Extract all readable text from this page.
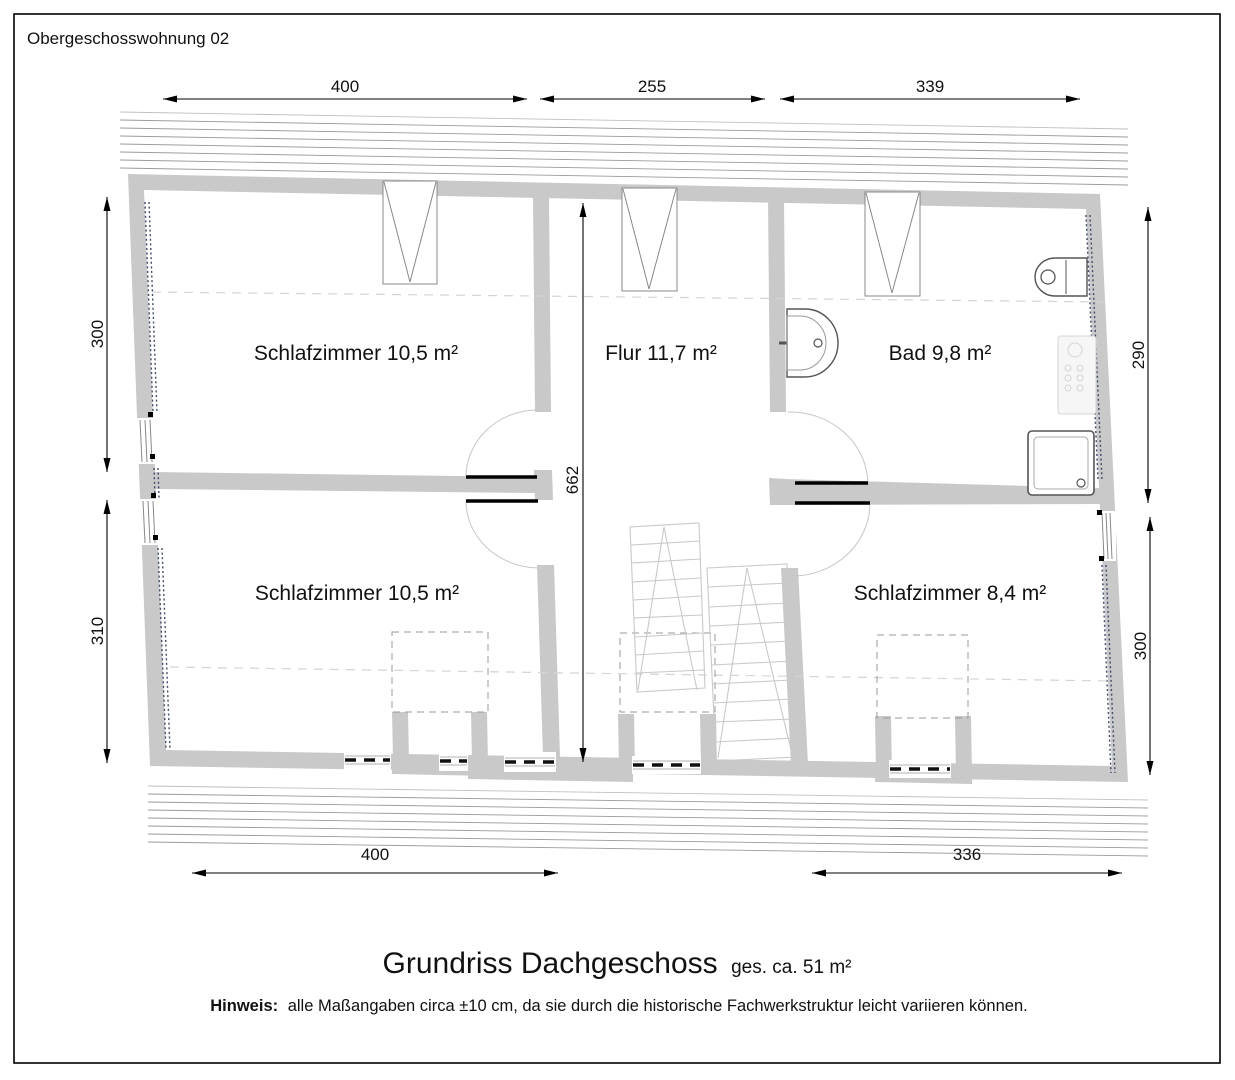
Obergeschosswohnung 02
400	255	339
300
310
290
300
400	336
662
Schlafzimmer 10,5 m²	Flur 11,7 m²	Bad 9,8 m²
Schlafzimmer 10,5 m²	Schlafzimmer 8,4 m²
Grundriss Dachgeschoss ges. ca. 51 m²
Hinweis: alle Maßangaben circa ±10 cm, da sie durch die historische Fachwerkstruktur leicht variieren können.
